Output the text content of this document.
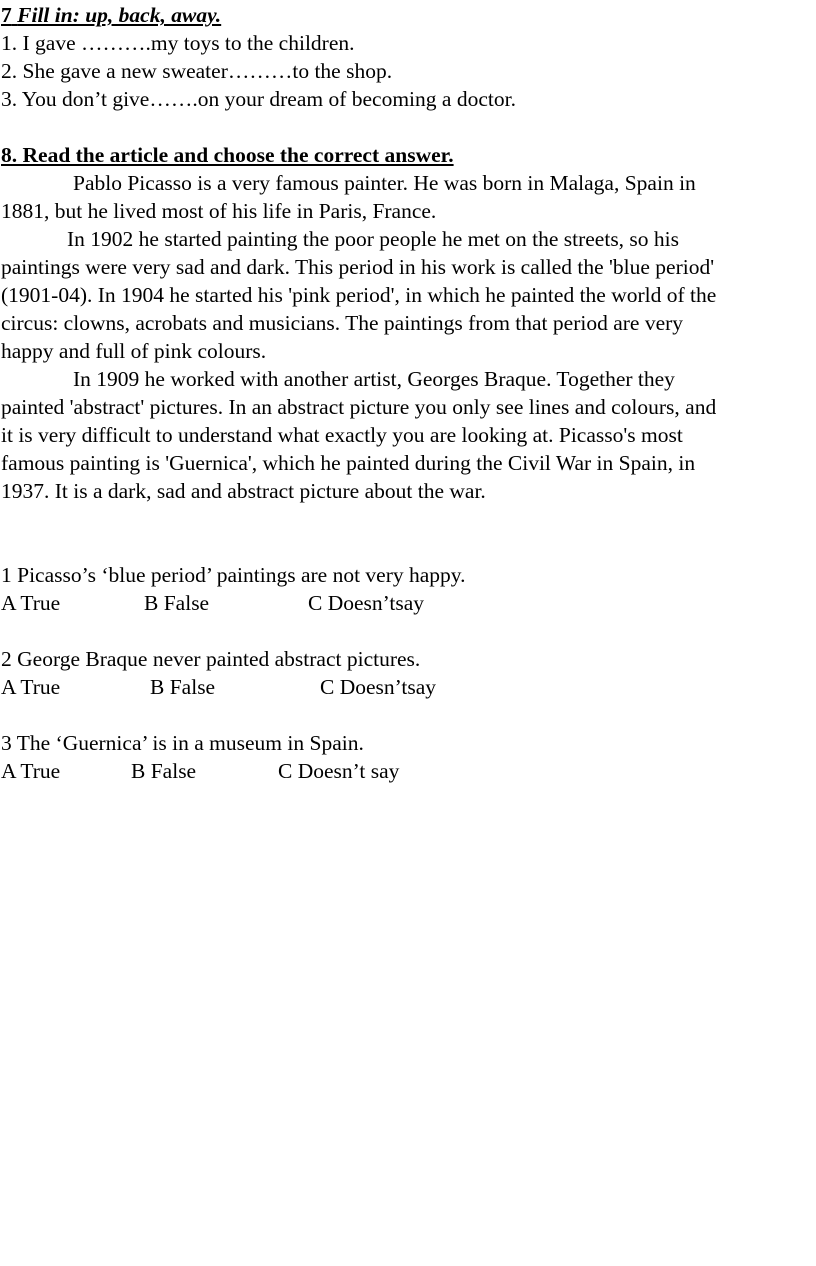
7 Fill in: up, back, away.
1. I gave ……….my toys to the children.
2. She gave a new sweater………to the shop.
3. You don’t give…….on your dream of becoming a doctor.
8. Read the article and choose the correct answer.
Pablo Picasso is a very famous painter. He was born in Malaga, Spain in
1881, but he lived most of his life in Paris, France.
In 1902 he started painting the poor people he met on the streets, so his
paintings were very sad and dark. This period in his work is called the 'blue period'
(1901-04). In 1904 he started his 'pink period', in which he painted the world of the
circus: clowns, acrobats and musicians. The paintings from that period are very
happy and full of pink colours.
In 1909 he worked with another artist, Georges Braque. Together they
painted 'abstract' pictures. In an abstract picture you only see lines and colours, and
it is very difficult to understand what exactly you are looking at. Picasso's most
famous painting is 'Guernica', which he painted during the Civil War in Spain, in
1937. It is a dark, sad and abstract picture about the war.
1 Picasso’s ‘blue period’ paintings are not very happy.
A True	B False	C Doesn’tsay
2 George Braque never painted abstract pictures.
A True	B False	C Doesn’tsay
3 The ‘Guernica’ is in a museum in Spain.
A True	B False	C Doesn’t say
